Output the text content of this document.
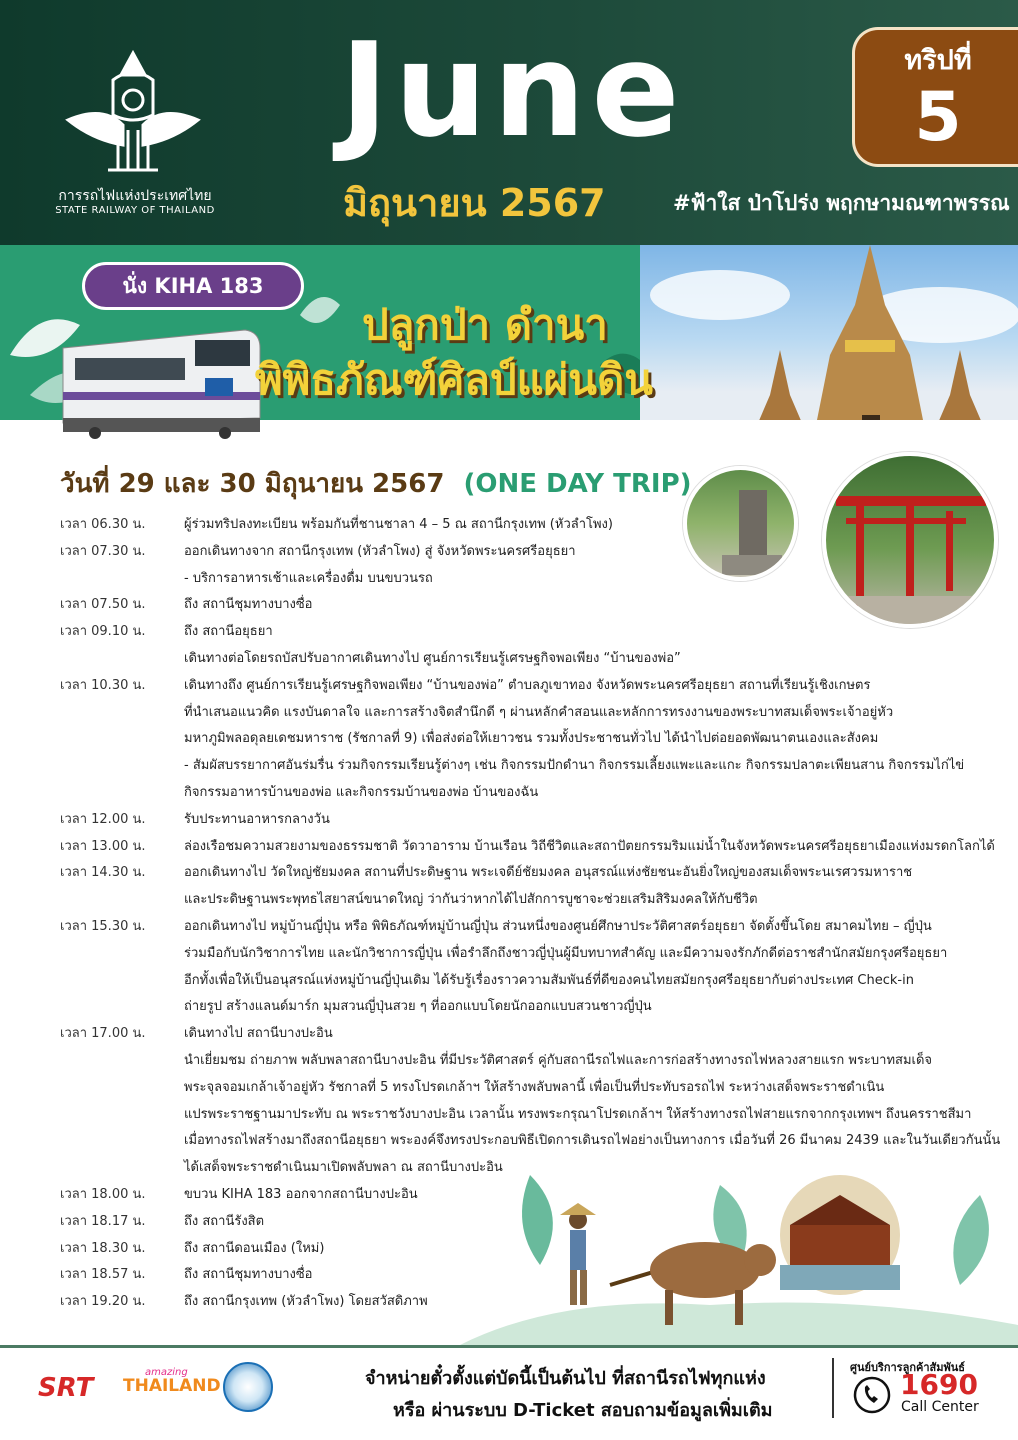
การรถไฟแห่งประเทศไทย
STATE RAILWAY OF THAILAND
June
มิถุนายน 2567
ทริปที่
5
#ฟ้าใส ป่าโปร่ง พฤกษามณฑาพรรณ
นั่ง KIHA 183
ปลูกป่า ดำนา
พิพิธภัณฑ์ศิลป์แผ่นดิน
วันที่ 29 และ 30 มิถุนายน 2567 (ONE DAY TRIP)
เวลา 06.30 น.	ผู้ร่วมทริปลงทะเบียน พร้อมกันที่ชานชาลา 4 – 5 ณ สถานีกรุงเทพ (หัวลำโพง)
เวลา 07.30 น.	ออกเดินทางจาก สถานีกรุงเทพ (หัวลำโพง) สู่ จังหวัดพระนครศรีอยุธยา
- บริการอาหารเช้าและเครื่องดื่ม บนขบวนรถ
เวลา 07.50 น.	ถึง สถานีชุมทางบางซื่อ
เวลา 09.10 น.	ถึง สถานีอยุธยา
เดินทางต่อโดยรถบัสปรับอากาศเดินทางไป ศูนย์การเรียนรู้เศรษฐกิจพอเพียง “บ้านของพ่อ”
เวลา 10.30 น.	เดินทางถึง ศูนย์การเรียนรู้เศรษฐกิจพอเพียง “บ้านของพ่อ” ตำบลภูเขาทอง จังหวัดพระนครศรีอยุธยา สถานที่เรียนรู้เชิงเกษตร
ที่นำเสนอแนวคิด แรงบันดาลใจ และการสร้างจิตสำนึกดี ๆ ผ่านหลักคำสอนและหลักการทรงงานของพระบาทสมเด็จพระเจ้าอยู่หัว
มหาภูมิพลอดุลยเดชมหาราช (รัชกาลที่ 9) เพื่อส่งต่อให้เยาวชน รวมทั้งประชาชนทั่วไป ได้นำไปต่อยอดพัฒนาตนเองและสังคม
- สัมผัสบรรยากาศอันร่มรื่น ร่วมกิจกรรมเรียนรู้ต่างๆ เช่น กิจกรรมปักดำนา กิจกรรมเลี้ยงแพะและแกะ กิจกรรมปลาตะเพียนสาน กิจกรรมไก่ไข่
กิจกรรมอาหารบ้านของพ่อ และกิจกรรมบ้านของพ่อ บ้านของฉัน
เวลา 12.00 น.	รับประทานอาหารกลางวัน
เวลา 13.00 น.	ล่องเรือชมความสวยงามของธรรมชาติ วัดวาอาราม บ้านเรือน วิถีชีวิตและสถาปัตยกรรมริมแม่น้ำในจังหวัดพระนครศรีอยุธยาเมืองแห่งมรดกโลกได้
เวลา 14.30 น.	ออกเดินทางไป วัดใหญ่ชัยมงคล สถานที่ประดิษฐาน พระเจดีย์ชัยมงคล อนุสรณ์แห่งชัยชนะอันยิ่งใหญ่ของสมเด็จพระนเรศวรมหาราช
และประดิษฐานพระพุทธไสยาสน์ขนาดใหญ่ ว่ากันว่าหากได้ไปสักการบูชาจะช่วยเสริมสิริมงคลให้กับชีวิต
เวลา 15.30 น.	ออกเดินทางไป หมู่บ้านญี่ปุ่น หรือ พิพิธภัณฑ์หมู่บ้านญี่ปุ่น ส่วนหนึ่งของศูนย์ศึกษาประวัติศาสตร์อยุธยา จัดตั้งขึ้นโดย สมาคมไทย – ญี่ปุ่น
ร่วมมือกับนักวิชาการไทย และนักวิชาการญี่ปุ่น เพื่อรำลึกถึงชาวญี่ปุ่นผู้มีบทบาทสำคัญ และมีความจงรักภักดีต่อราชสำนักสมัยกรุงศรีอยุธยา
อีกทั้งเพื่อให้เป็นอนุสรณ์แห่งหมู่บ้านญี่ปุ่นเดิม ได้รับรู้เรื่องราวความสัมพันธ์ที่ดีของคนไทยสมัยกรุงศรีอยุธยากับต่างประเทศ Check-in
ถ่ายรูป สร้างแลนด์มาร์ก มุมสวนญี่ปุ่นสวย ๆ ที่ออกแบบโดยนักออกแบบสวนชาวญี่ปุ่น
เวลา 17.00 น.	เดินทางไป สถานีบางปะอิน
นำเยี่ยมชม ถ่ายภาพ พลับพลาสถานีบางปะอิน ที่มีประวัติศาสตร์ คู่กับสถานีรถไฟและการก่อสร้างทางรถไฟหลวงสายแรก พระบาทสมเด็จ
พระจุลจอมเกล้าเจ้าอยู่หัว รัชกาลที่ 5 ทรงโปรดเกล้าฯ ให้สร้างพลับพลานี้ เพื่อเป็นที่ประทับรอรถไฟ ระหว่างเสด็จพระราชดำเนิน
แปรพระราชฐานมาประทับ ณ พระราชวังบางปะอิน เวลานั้น ทรงพระกรุณาโปรดเกล้าฯ ให้สร้างทางรถไฟสายแรกจากกรุงเทพฯ ถึงนครราชสีมา
เมื่อทางรถไฟสร้างมาถึงสถานีอยุธยา พระองค์จึงทรงประกอบพิธีเปิดการเดินรถไฟอย่างเป็นทางการ เมื่อวันที่ 26 มีนาคม 2439 และในวันเดียวกันนั้น
ได้เสด็จพระราชดำเนินมาเปิดพลับพลา ณ สถานีบางปะอิน
เวลา 18.00 น.	ขบวน KIHA 183 ออกจากสถานีบางปะอิน
เวลา 18.17 น.	ถึง สถานีรังสิต
เวลา 18.30 น.	ถึง สถานีดอนเมือง (ใหม่)
เวลา 18.57 น.	ถึง สถานีชุมทางบางซื่อ
เวลา 19.20 น.	ถึง สถานีกรุงเทพ (หัวลำโพง) โดยสวัสดิภาพ
SRT
amazing
THAILAND	จำหน่ายตั๋วตั้งแต่บัดนี้เป็นต้นไป ที่สถานีรถไฟทุกแห่ง
หรือ ผ่านระบบ D-Ticket สอบถามข้อมูลเพิ่มเติม
ศูนย์บริการลูกค้าสัมพันธ์
1690
Call Center
